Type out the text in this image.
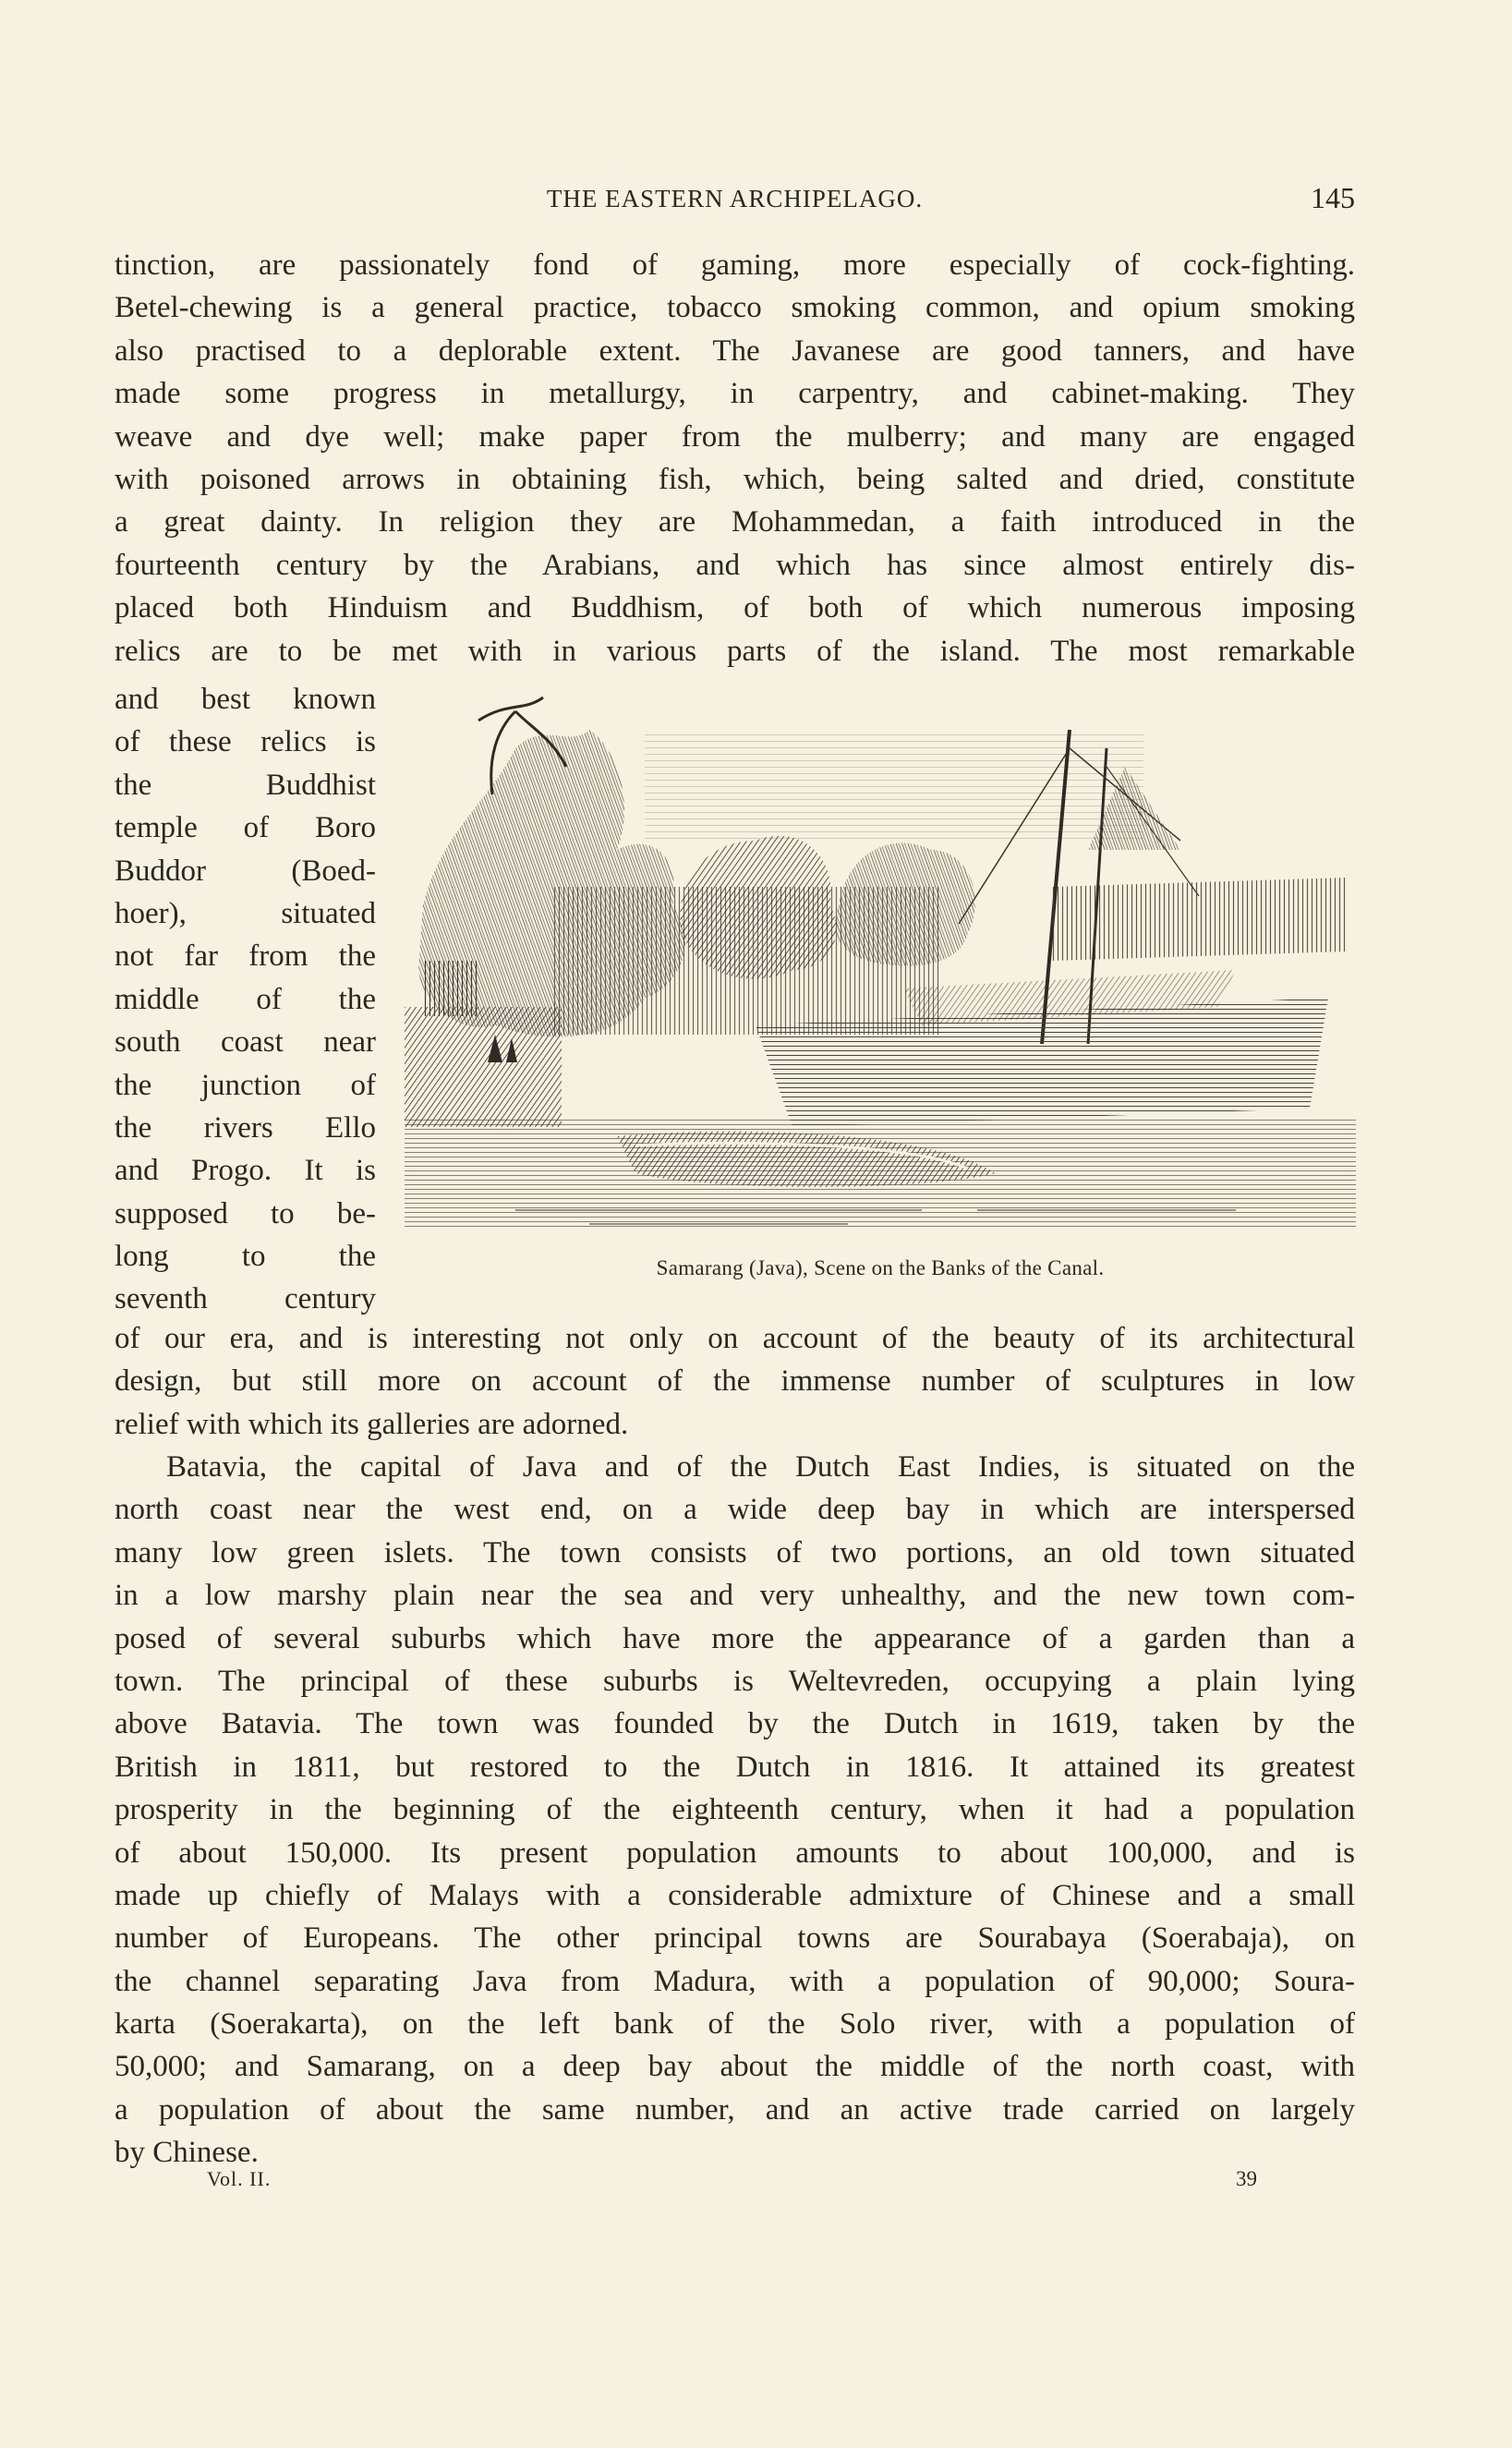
THE EASTERN ARCHIPELAGO.	145
tinction, are passionately fond of gaming, more especially of cock-fighting.
Betel-chewing is a general practice, tobacco smoking common, and opium smoking
also practised to a deplorable extent. The Javanese are good tanners, and have
made some progress in metallurgy, in carpentry, and cabinet-making. They
weave and dye well; make paper from the mulberry; and many are engaged
with poisoned arrows in obtaining fish, which, being salted and dried, constitute
a great dainty. In religion they are Mohammedan, a faith introduced in the
fourteenth century by the Arabians, and which has since almost entirely dis-
placed both Hinduism and Buddhism, of both of which numerous imposing
relics are to be met with in various parts of the island. The most remarkable
and best known
of these relics is
the Buddhist
temple of Boro
Buddor (Boed-
hoer), situated
not far from the
middle of the
south coast near
the junction of
the rivers Ello
and Progo. It is
supposed to be-
long to the
seventh century
Samarang (Java), Scene on the Banks of the Canal.
of our era, and is interesting not only on account of the beauty of its architectural
design, but still more on account of the immense number of sculptures in low
relief with which its galleries are adorned.
Batavia, the capital of Java and of the Dutch East Indies, is situated on the
north coast near the west end, on a wide deep bay in which are interspersed
many low green islets. The town consists of two portions, an old town situated
in a low marshy plain near the sea and very unhealthy, and the new town com-
posed of several suburbs which have more the appearance of a garden than a
town. The principal of these suburbs is Weltevreden, occupying a plain lying
above Batavia. The town was founded by the Dutch in 1619, taken by the
British in 1811, but restored to the Dutch in 1816. It attained its greatest
prosperity in the beginning of the eighteenth century, when it had a population
of about 150,000. Its present population amounts to about 100,000, and is
made up chiefly of Malays with a considerable admixture of Chinese and a small
number of Europeans. The other principal towns are Sourabaya (Soerabaja), on
the channel separating Java from Madura, with a population of 90,000; Soura-
karta (Soerakarta), on the left bank of the Solo river, with a population of
50,000; and Samarang, on a deep bay about the middle of the north coast, with
a population of about the same number, and an active trade carried on largely
by Chinese.
Vol. II.	39
